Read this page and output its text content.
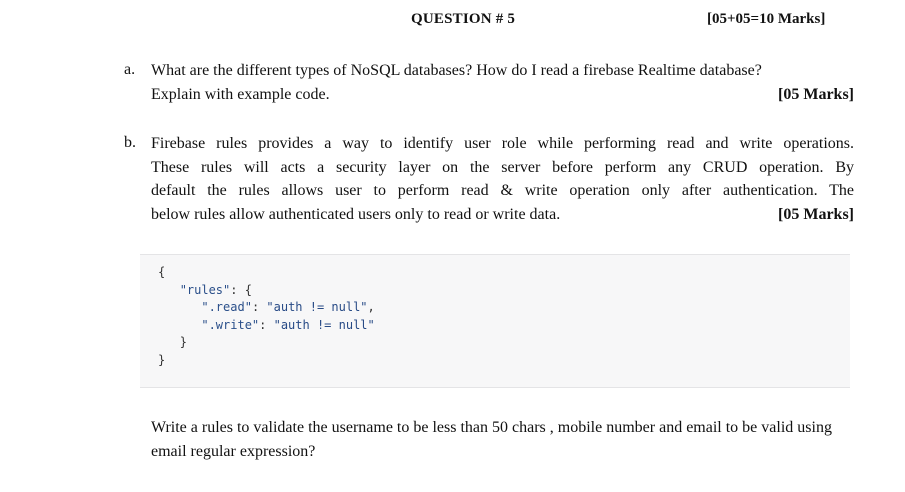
QUESTION # 5	[05+05=10 Marks]
a. What are the different types of NoSQL databases? How do I read a firebase Realtime database?
Explain with example code.	[05 Marks]
b. Firebase rules provides a way to identify user role while performing read and write operations.
These rules will acts a security layer on the server before perform any CRUD operation. By
default the rules allows user to perform read & write operation only after authentication. The
below rules allow authenticated users only to read or write data.	[05 Marks]
{
"rules": {
".read": "auth != null",
".write": "auth != null"
}
}
Write a rules to validate the username to be less than 50 chars , mobile number and email to be valid using email regular expression?
